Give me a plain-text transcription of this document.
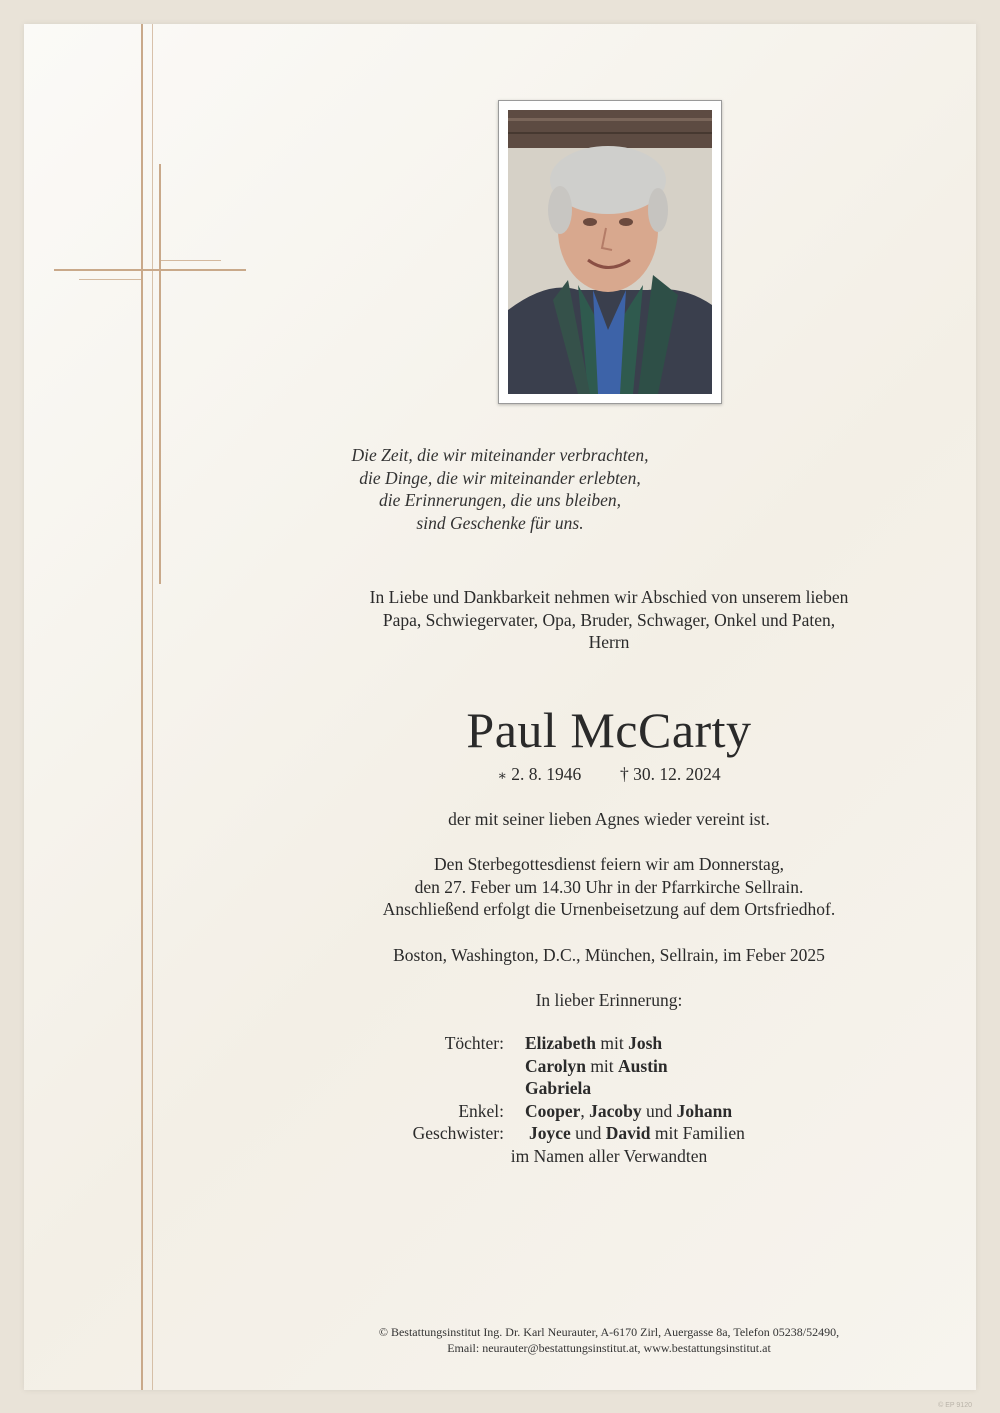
Die Zeit, die wir miteinander verbrachten,
die Dinge, die wir miteinander erlebten,
die Erinnerungen, die uns bleiben,
sind Geschenke für uns.
In Liebe und Dankbarkeit nehmen wir Abschied von unserem lieben
Papa, Schwiegervater, Opa, Bruder, Schwager, Onkel und Paten,
Herrn
Paul McCarty
∗ 2. 8. 1946 † 30. 12. 2024
der mit seiner lieben Agnes wieder vereint ist.
Den Sterbegottesdienst feiern wir am Donnerstag,
den 27. Feber um 14.30 Uhr in der Pfarrkirche Sellrain.
Anschließend erfolgt die Urnenbeisetzung auf dem Ortsfriedhof.
Boston, Washington, D.C., München, Sellrain, im Feber 2025
In lieber Erinnerung:
Töchter: Elizabeth mit Josh
Carolyn mit Austin
Gabriela
Enkel: Cooper, Jacoby und Johann
Geschwister: Joyce und David mit Familien
im Namen aller Verwandten
© Bestattungsinstitut Ing. Dr. Karl Neurauter, A-6170 Zirl, Auergasse 8a, Telefon 05238/52490,
Email: neurauter@bestattungsinstitut.at, www.bestattungsinstitut.at
© EP 9120
